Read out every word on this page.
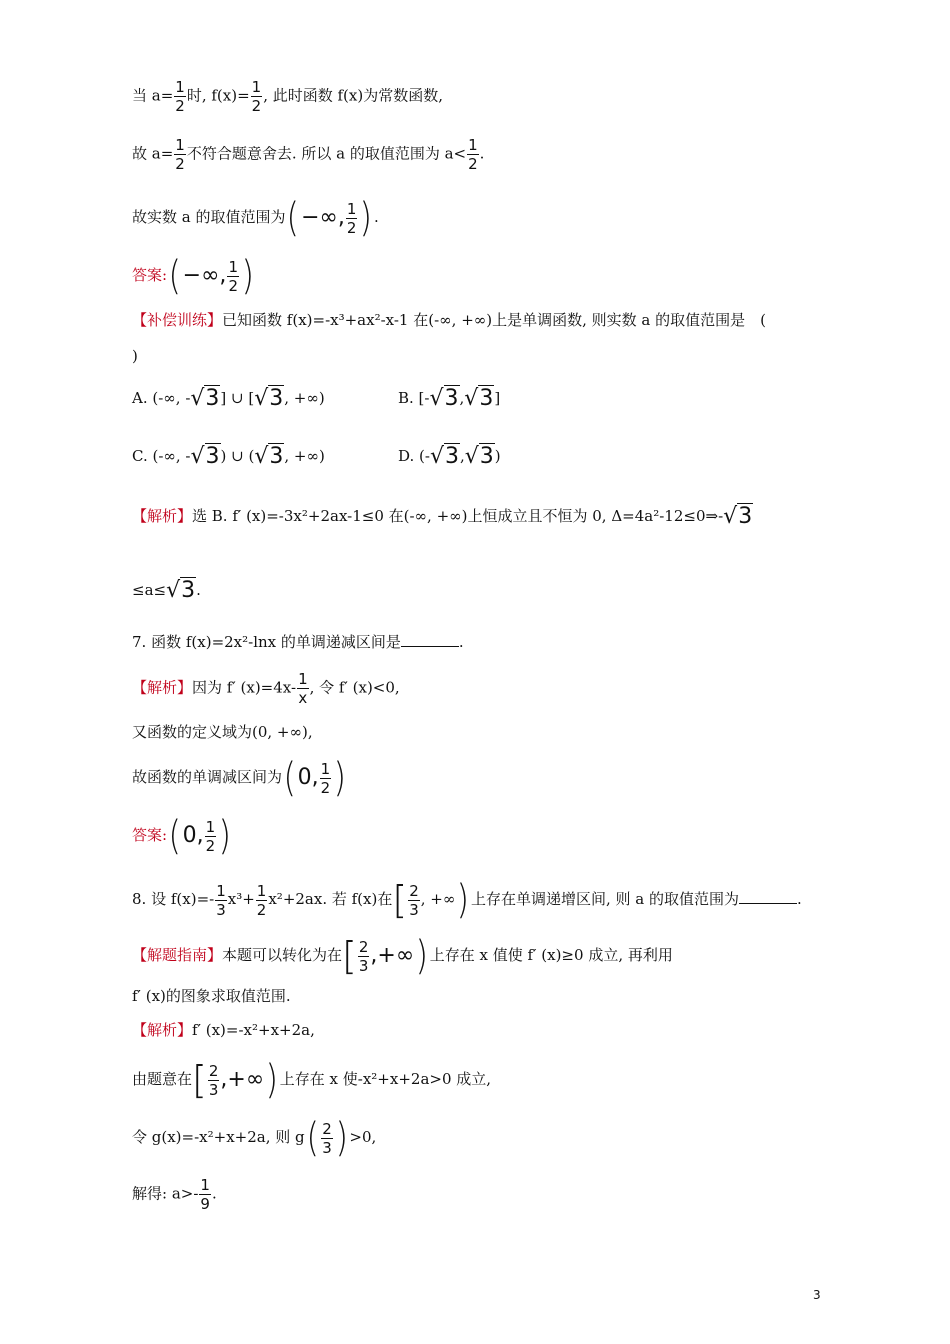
当 $a= \frac{1}{2}$ 时, $f(x)= \frac{1}{2}$ , 此时函数 f(x)为常数函数,
故 $a= \frac{1}{2}$ 不符合题意舍去. 所以 a 的取值范围为 $a< \frac{1}{2}$ .
故实数 a 的取值范围为(−∞, $\frac{1}{2}$ ) .
答案:(−∞, $\frac{1}{2}$ )
【补偿训练】已知函数 f(x)=-x³+ax²-x-1 在(-∞, +∞)上是单调函数, 则实数 a 的取值范围是　(
)
A. (-∞, -√3] ∪ [√3, +∞)	B. [-√3,√3]
C. (-∞, -√3) ∪ (√3, +∞)	D. (-√3,√3)
【解析】选 B. f′ (x)=-3x²+2ax-1≤0 在(-∞, +∞)上恒成立且不恒为 0, Δ=4a²-12≤0⇒-√3
≤a≤√3.
7. 函数 f(x)=2x²-lnx 的单调递减区间是	.
【解析】因为 f′ $(x)=4x- \frac{1}{x}$ , 令 f′ (x)<0,
又函数的定义域为(0, +∞),
故函数的单调减区间为(0, $\frac{1}{2}$ )
答案:(0, $\frac{1}{2}$ )
8. 设 $f(x)=- \frac{1}{3} x^3+ \frac{1}{2} x^2+2ax$. 若 f(x)在[ $\frac{2}{3}$ , +∞) 上存在单调递增区间, 则 a 的取值范围为	.
【解题指南】本题可以转化为在[ $\frac{2}{3}$ ,+∞) 上存在 x 值使 f′ (x)≥0 成立, 再利用
f′ (x)的图象求取值范围.
【解析】f′ (x)=-x²+x+2a,
由题意在[ $\frac{2}{3}$ ,+∞) 上存在 x 使-x²+x+2a>0 成立,
令 g(x)=-x²+x+2a, 则 $g( \frac{2}{3}$ ) >0,
解得: $a>- \frac{1}{9}$ .
3
